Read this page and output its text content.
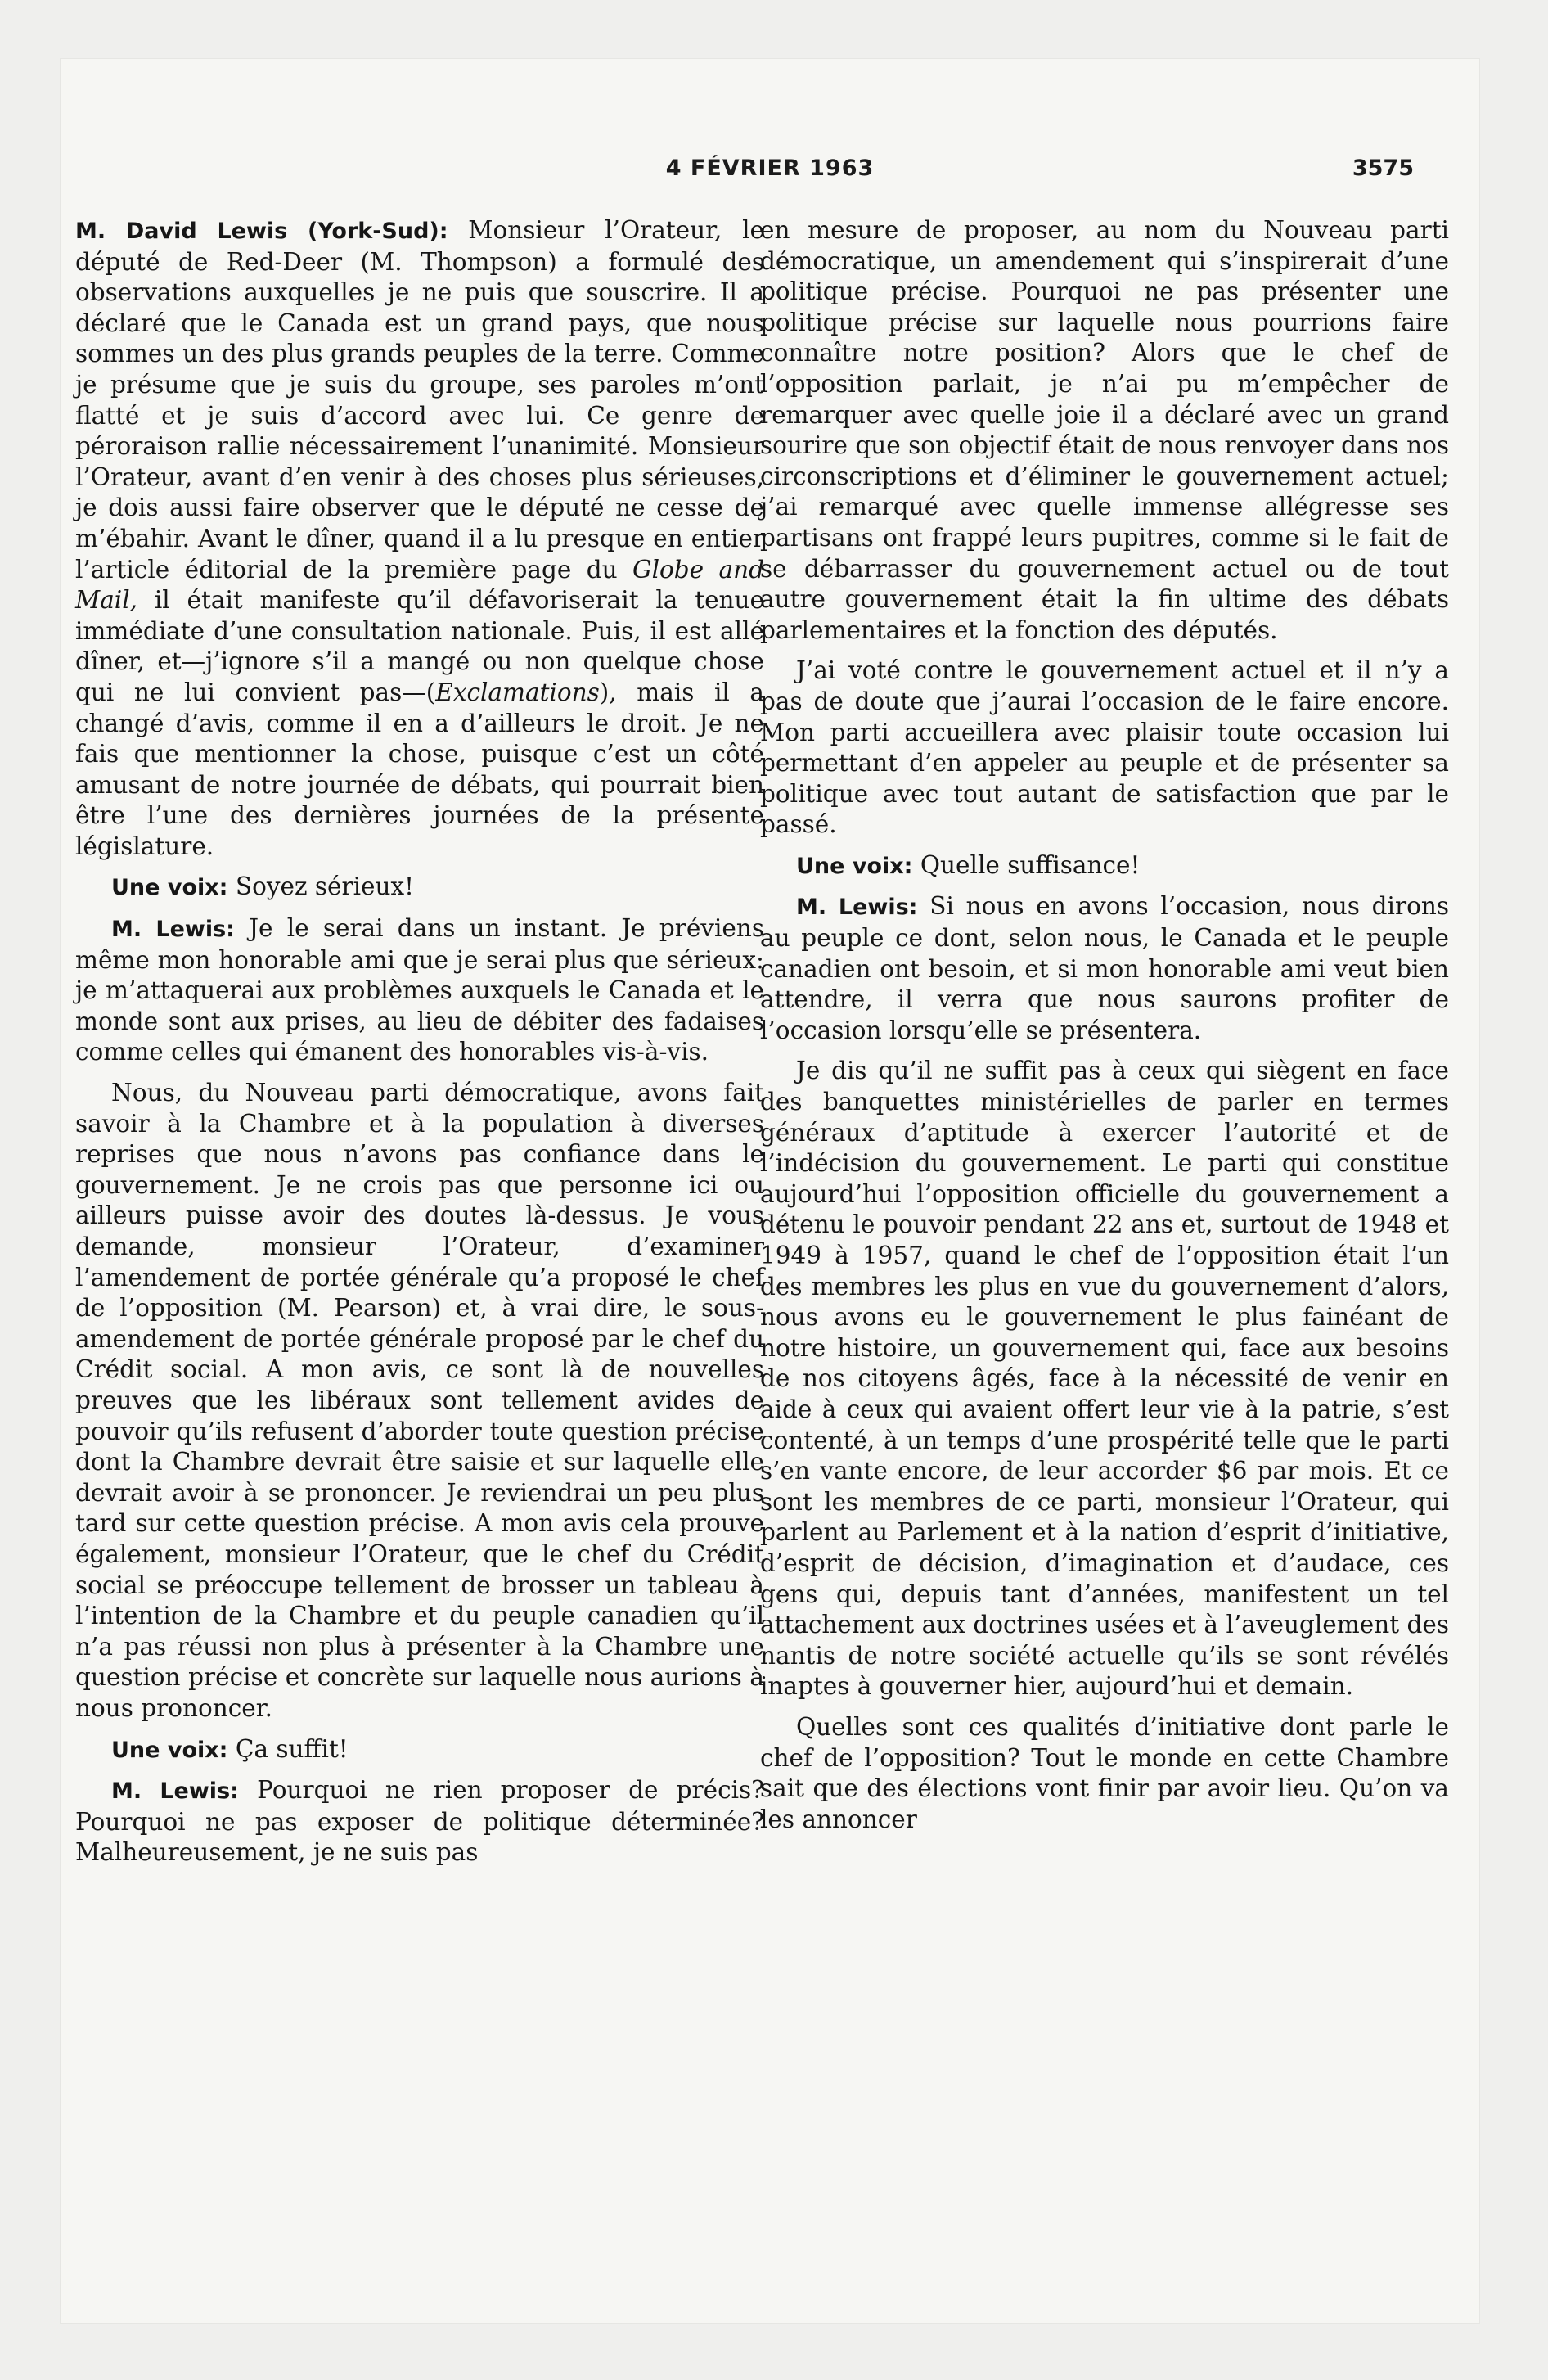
4 FÉVRIER 1963	3575

M. David Lewis (York-Sud): Monsieur l’Orateur, le député de Red-Deer (M. Thompson) a formulé des observations auxquelles je ne puis que souscrire. Il a déclaré que le Canada est un grand pays, que nous sommes un des plus grands peuples de la terre. Comme je présume que je suis du groupe, ses paroles m’ont flatté et je suis d’accord avec lui. Ce genre de péroraison rallie nécessairement l’unanimité. Monsieur l’Orateur, avant d’en venir à des choses plus sérieuses, je dois aussi faire observer que le député ne cesse de m’ébahir. Avant le dîner, quand il a lu presque en entier l’article éditorial de la première page du Globe and Mail, il était manifeste qu’il défavoriserait la tenue immédiate d’une consultation nationale. Puis, il est allé dîner, et—j’ignore s’il a mangé ou non quelque chose qui ne lui convient pas—(Exclamations), mais il a changé d’avis, comme il en a d’ailleurs le droit. Je ne fais que mentionner la chose, puisque c’est un côté amusant de notre journée de débats, qui pourrait bien être l’une des dernières journées de la présente législature.

Une voix: Soyez sérieux!

M. Lewis: Je le serai dans un instant. Je préviens même mon honorable ami que je serai plus que sérieux: je m’attaquerai aux problèmes auxquels le Canada et le monde sont aux prises, au lieu de débiter des fadaises comme celles qui émanent des honorables vis-à-vis.

Nous, du Nouveau parti démocratique, avons fait savoir à la Chambre et à la population à diverses reprises que nous n’avons pas confiance dans le gouvernement. Je ne crois pas que personne ici ou ailleurs puisse avoir des doutes là-dessus. Je vous demande, monsieur l’Orateur, d’examiner l’amendement de portée générale qu’a proposé le chef de l’opposition (M. Pearson) et, à vrai dire, le sous-amendement de portée générale proposé par le chef du Crédit social. A mon avis, ce sont là de nouvelles preuves que les libéraux sont tellement avides de pouvoir qu’ils refusent d’aborder toute question précise dont la Chambre devrait être saisie et sur laquelle elle devrait avoir à se prononcer. Je reviendrai un peu plus tard sur cette question précise. A mon avis cela prouve également, monsieur l’Orateur, que le chef du Crédit social se préoccupe tellement de brosser un tableau à l’intention de la Chambre et du peuple canadien qu’il n’a pas réussi non plus à présenter à la Chambre une question précise et concrète sur laquelle nous aurions à nous prononcer.

Une voix: Ça suffit!

M. Lewis: Pourquoi ne rien proposer de précis? Pourquoi ne pas exposer de politique déterminée? Malheureusement, je ne suis pas

en mesure de proposer, au nom du Nouveau parti démocratique, un amendement qui s’inspirerait d’une politique précise. Pourquoi ne pas présenter une politique précise sur laquelle nous pourrions faire connaître notre position? Alors que le chef de l’opposition parlait, je n’ai pu m’empêcher de remarquer avec quelle joie il a déclaré avec un grand sourire que son objectif était de nous renvoyer dans nos circonscriptions et d’éliminer le gouvernement actuel; j’ai remarqué avec quelle immense allégresse ses partisans ont frappé leurs pupitres, comme si le fait de se débarrasser du gouvernement actuel ou de tout autre gouvernement était la fin ultime des débats parlementaires et la fonction des députés.

J’ai voté contre le gouvernement actuel et il n’y a pas de doute que j’aurai l’occasion de le faire encore. Mon parti accueillera avec plaisir toute occasion lui permettant d’en appeler au peuple et de présenter sa politique avec tout autant de satisfaction que par le passé.

Une voix: Quelle suffisance!

M. Lewis: Si nous en avons l’occasion, nous dirons au peuple ce dont, selon nous, le Canada et le peuple canadien ont besoin, et si mon honorable ami veut bien attendre, il verra que nous saurons profiter de l’occasion lorsqu’elle se présentera.

Je dis qu’il ne suffit pas à ceux qui siègent en face des banquettes ministérielles de parler en termes généraux d’aptitude à exercer l’autorité et de l’indécision du gouvernement. Le parti qui constitue aujourd’hui l’opposition officielle du gouvernement a détenu le pouvoir pendant 22 ans et, surtout de 1948 et 1949 à 1957, quand le chef de l’opposition était l’un des membres les plus en vue du gouvernement d’alors, nous avons eu le gouvernement le plus fainéant de notre histoire, un gouvernement qui, face aux besoins de nos citoyens âgés, face à la nécessité de venir en aide à ceux qui avaient offert leur vie à la patrie, s’est contenté, à un temps d’une prospérité telle que le parti s’en vante encore, de leur accorder $6 par mois. Et ce sont les membres de ce parti, monsieur l’Orateur, qui parlent au Parlement et à la nation d’esprit d’initiative, d’esprit de décision, d’imagination et d’audace, ces gens qui, depuis tant d’années, manifestent un tel attachement aux doctrines usées et à l’aveuglement des nantis de notre société actuelle qu’ils se sont révélés inaptes à gouverner hier, aujourd’hui et demain.

Quelles sont ces qualités d’initiative dont parle le chef de l’opposition? Tout le monde en cette Chambre sait que des élections vont finir par avoir lieu. Qu’on va les annoncer
